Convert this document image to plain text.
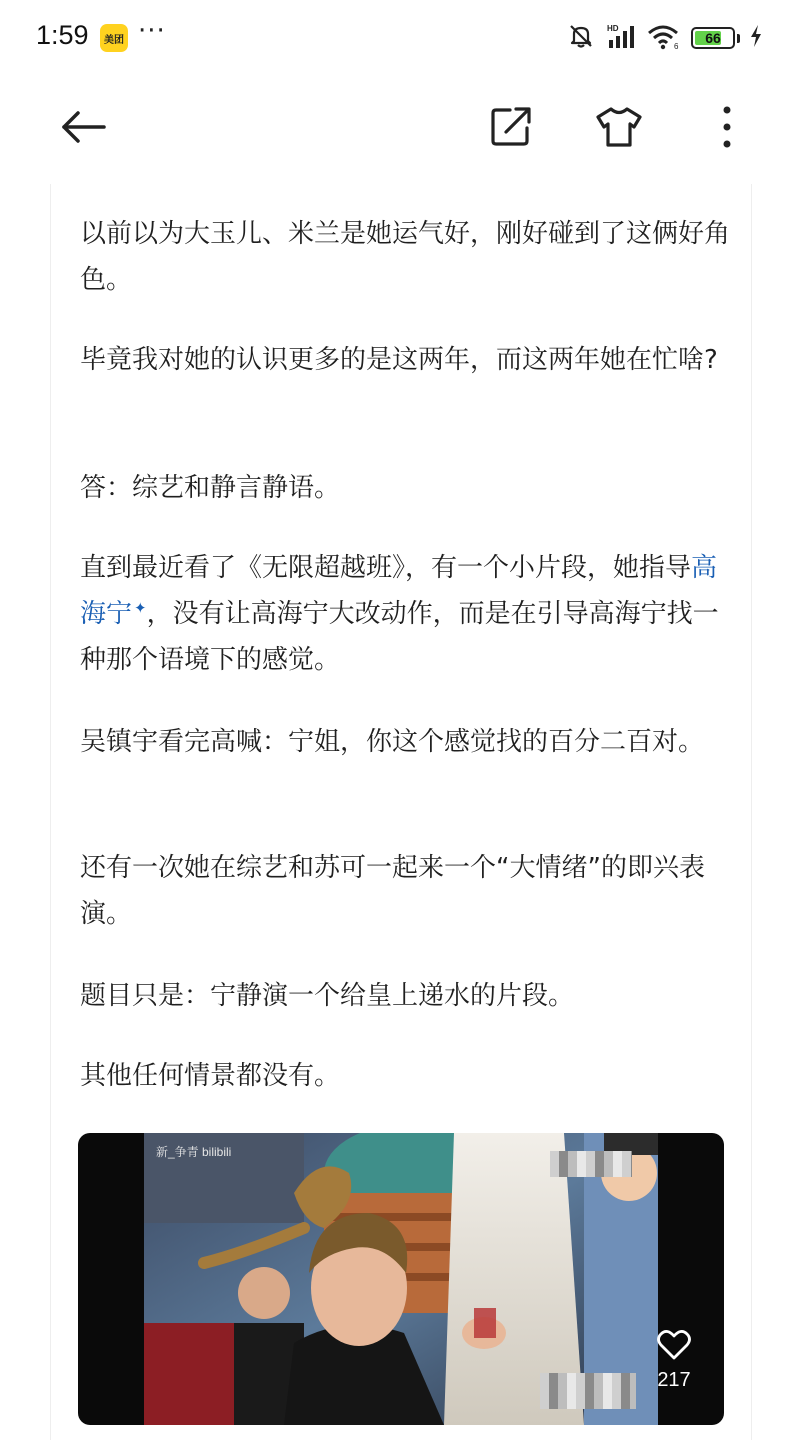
1:59	美团 ···	HD
6
66

以前以为大玉儿、米兰是她运气好，刚好碰到了这俩好角色。

毕竟我对她的认识更多的是这两年，而这两年她在忙啥?

答：综艺和静言静语。

直到最近看了《无限超越班》，有一个小片段，她指导高海宁 ✦，没有让高海宁大改动作，而是在引导高海宁找一种那个语境下的感觉。

吴镇宇看完高喊：宁姐，你这个感觉找的百分二百对。

还有一次她在综艺和苏可一起来一个“大情绪”的即兴表演。

题目只是：宁静演一个给皇上递水的片段。

其他任何情景都没有。

新_争青 bilibili
217
